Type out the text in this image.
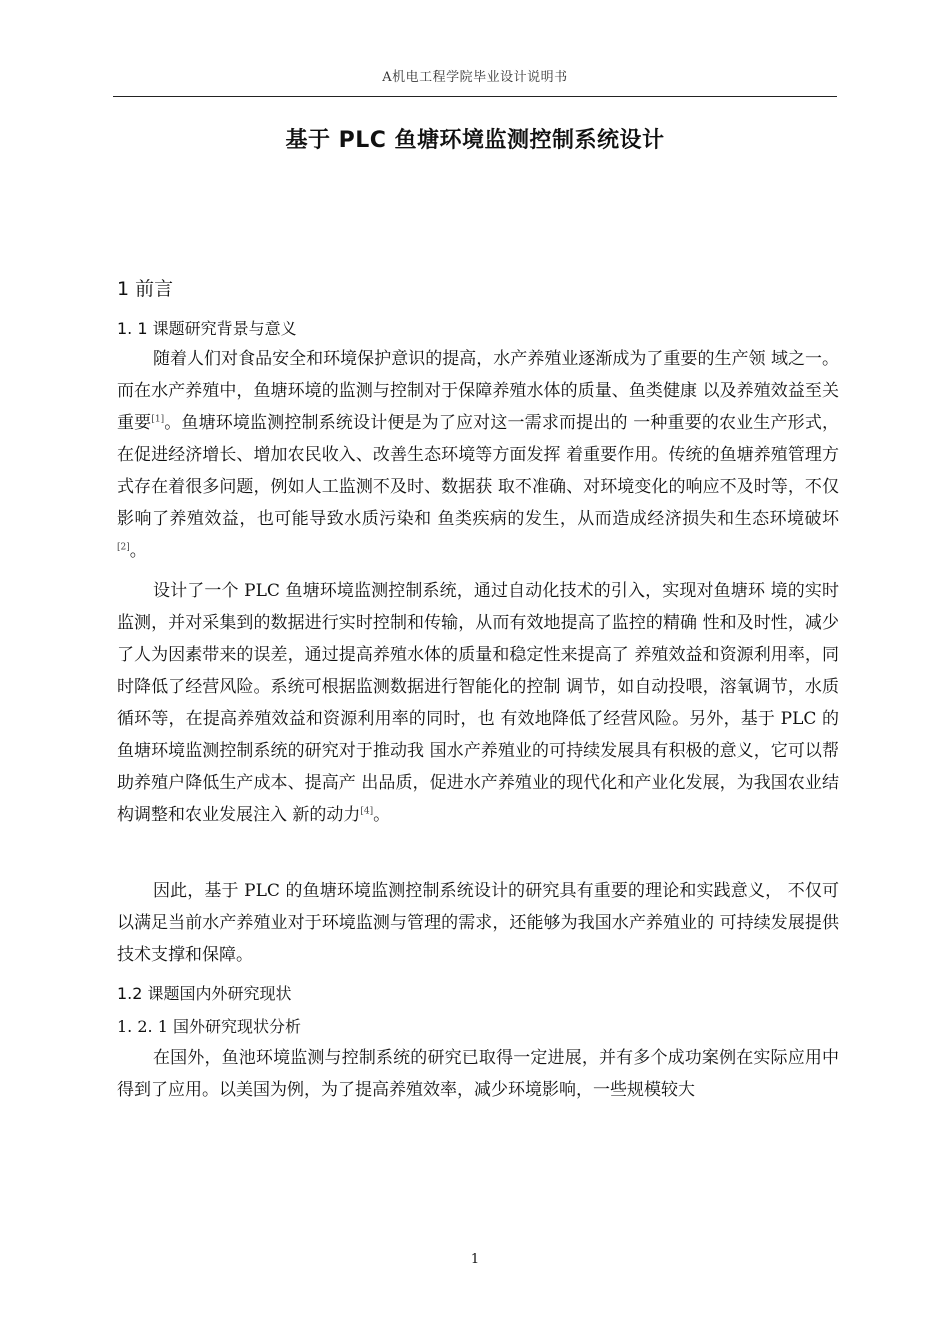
A机电工程学院毕业设计说明书
基于 PLC 鱼塘环境监测控制系统设计
1 前言
1. 1 课题研究背景与意义

随着人们对食品安全和环境保护意识的提高，水产养殖业逐渐成为了重要的生产领 域之一。而在水产养殖中，鱼塘环境的监测与控制对于保障养殖水体的质量、鱼类健康 以及养殖效益至关重要[1]。鱼塘环境监测控制系统设计便是为了应对这一需求而提出的 一种重要的农业生产形式，在促进经济增长、增加农民收入、改善生态环境等方面发挥 着重要作用。传统的鱼塘养殖管理方式存在着很多问题，例如人工监测不及时、数据获 取不准确、对环境变化的响应不及时等，不仅影响了养殖效益，也可能导致水质污染和 鱼类疾病的发生，从而造成经济损失和生态环境破坏[2]。

设计了一个 PLC 鱼塘环境监测控制系统，通过自动化技术的引入，实现对鱼塘环 境的实时监测，并对采集到的数据进行实时控制和传输，从而有效地提高了监控的精确 性和及时性，减少了人为因素带来的误差，通过提高养殖水体的质量和稳定性来提高了 养殖效益和资源利用率，同时降低了经营风险。系统可根据监测数据进行智能化的控制 调节，如自动投喂，溶氧调节，水质循环等，在提高养殖效益和资源利用率的同时，也 有效地降低了经营风险。另外，基于 PLC 的鱼塘环境监测控制系统的研究对于推动我 国水产养殖业的可持续发展具有积极的意义，它可以帮助养殖户降低生产成本、提高产 出品质，促进水产养殖业的现代化和产业化发展，为我国农业结构调整和农业发展注入 新的动力[4]。

因此，基于 PLC 的鱼塘环境监测控制系统设计的研究具有重要的理论和实践意义， 不仅可以满足当前水产养殖业对于环境监测与管理的需求，还能够为我国水产养殖业的 可持续发展提供技术支撑和保障。

1.2 课题国内外研究现状
1. 2. 1 国外研究现状分析

在国外，鱼池环境监测与控制系统的研究已取得一定进展，并有多个成功案例在实际应用中得到了应用。以美国为例，为了提高养殖效率，减少环境影响，一些规模较大

1
